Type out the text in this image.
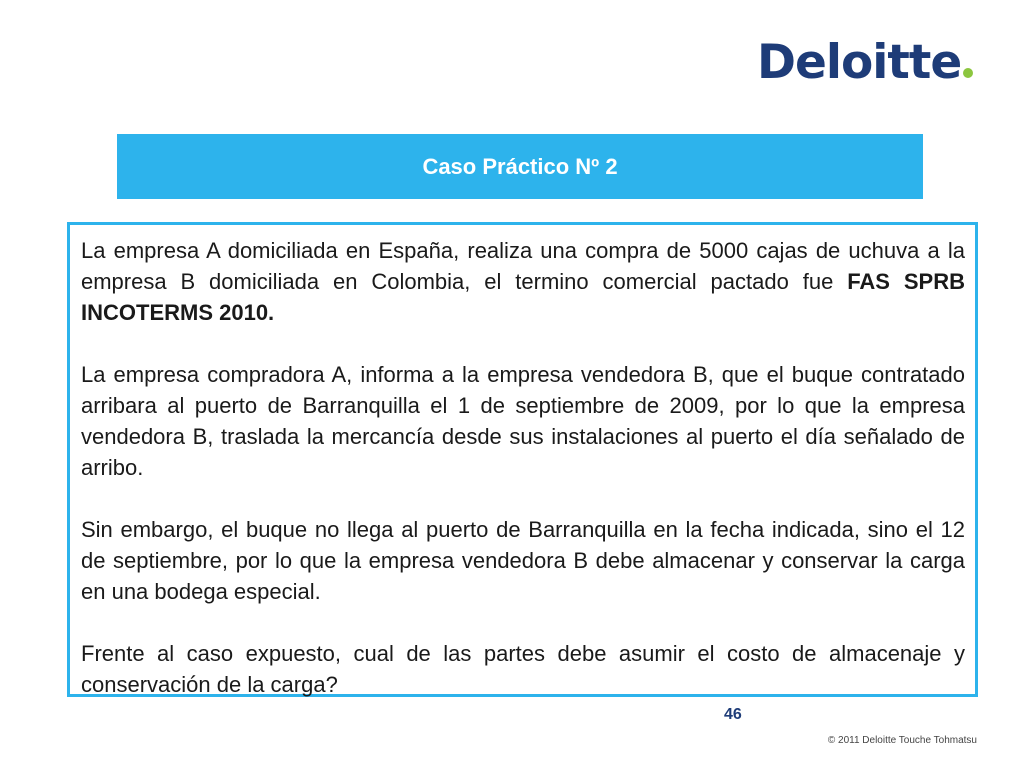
Deloitte
Caso Práctico Nº 2

La empresa A domiciliada en España, realiza una compra de 5000 cajas de uchuva a la empresa B domiciliada en Colombia, el termino comercial pactado fue FAS SPRB INCOTERMS 2010.

La empresa compradora A, informa a la empresa vendedora B, que el buque contratado arribara al puerto de Barranquilla el 1 de septiembre de 2009, por lo que la empresa vendedora B, traslada la mercancía desde sus instalaciones al puerto el día señalado de arribo.

Sin embargo, el buque no llega al puerto de Barranquilla en la fecha indicada, sino el 12 de septiembre, por lo que la empresa vendedora B debe almacenar y conservar la carga en una bodega especial.

Frente al caso expuesto, cual de las partes debe asumir el costo de almacenaje y conservación de la carga?

46
© 2011 Deloitte Touche Tohmatsu
